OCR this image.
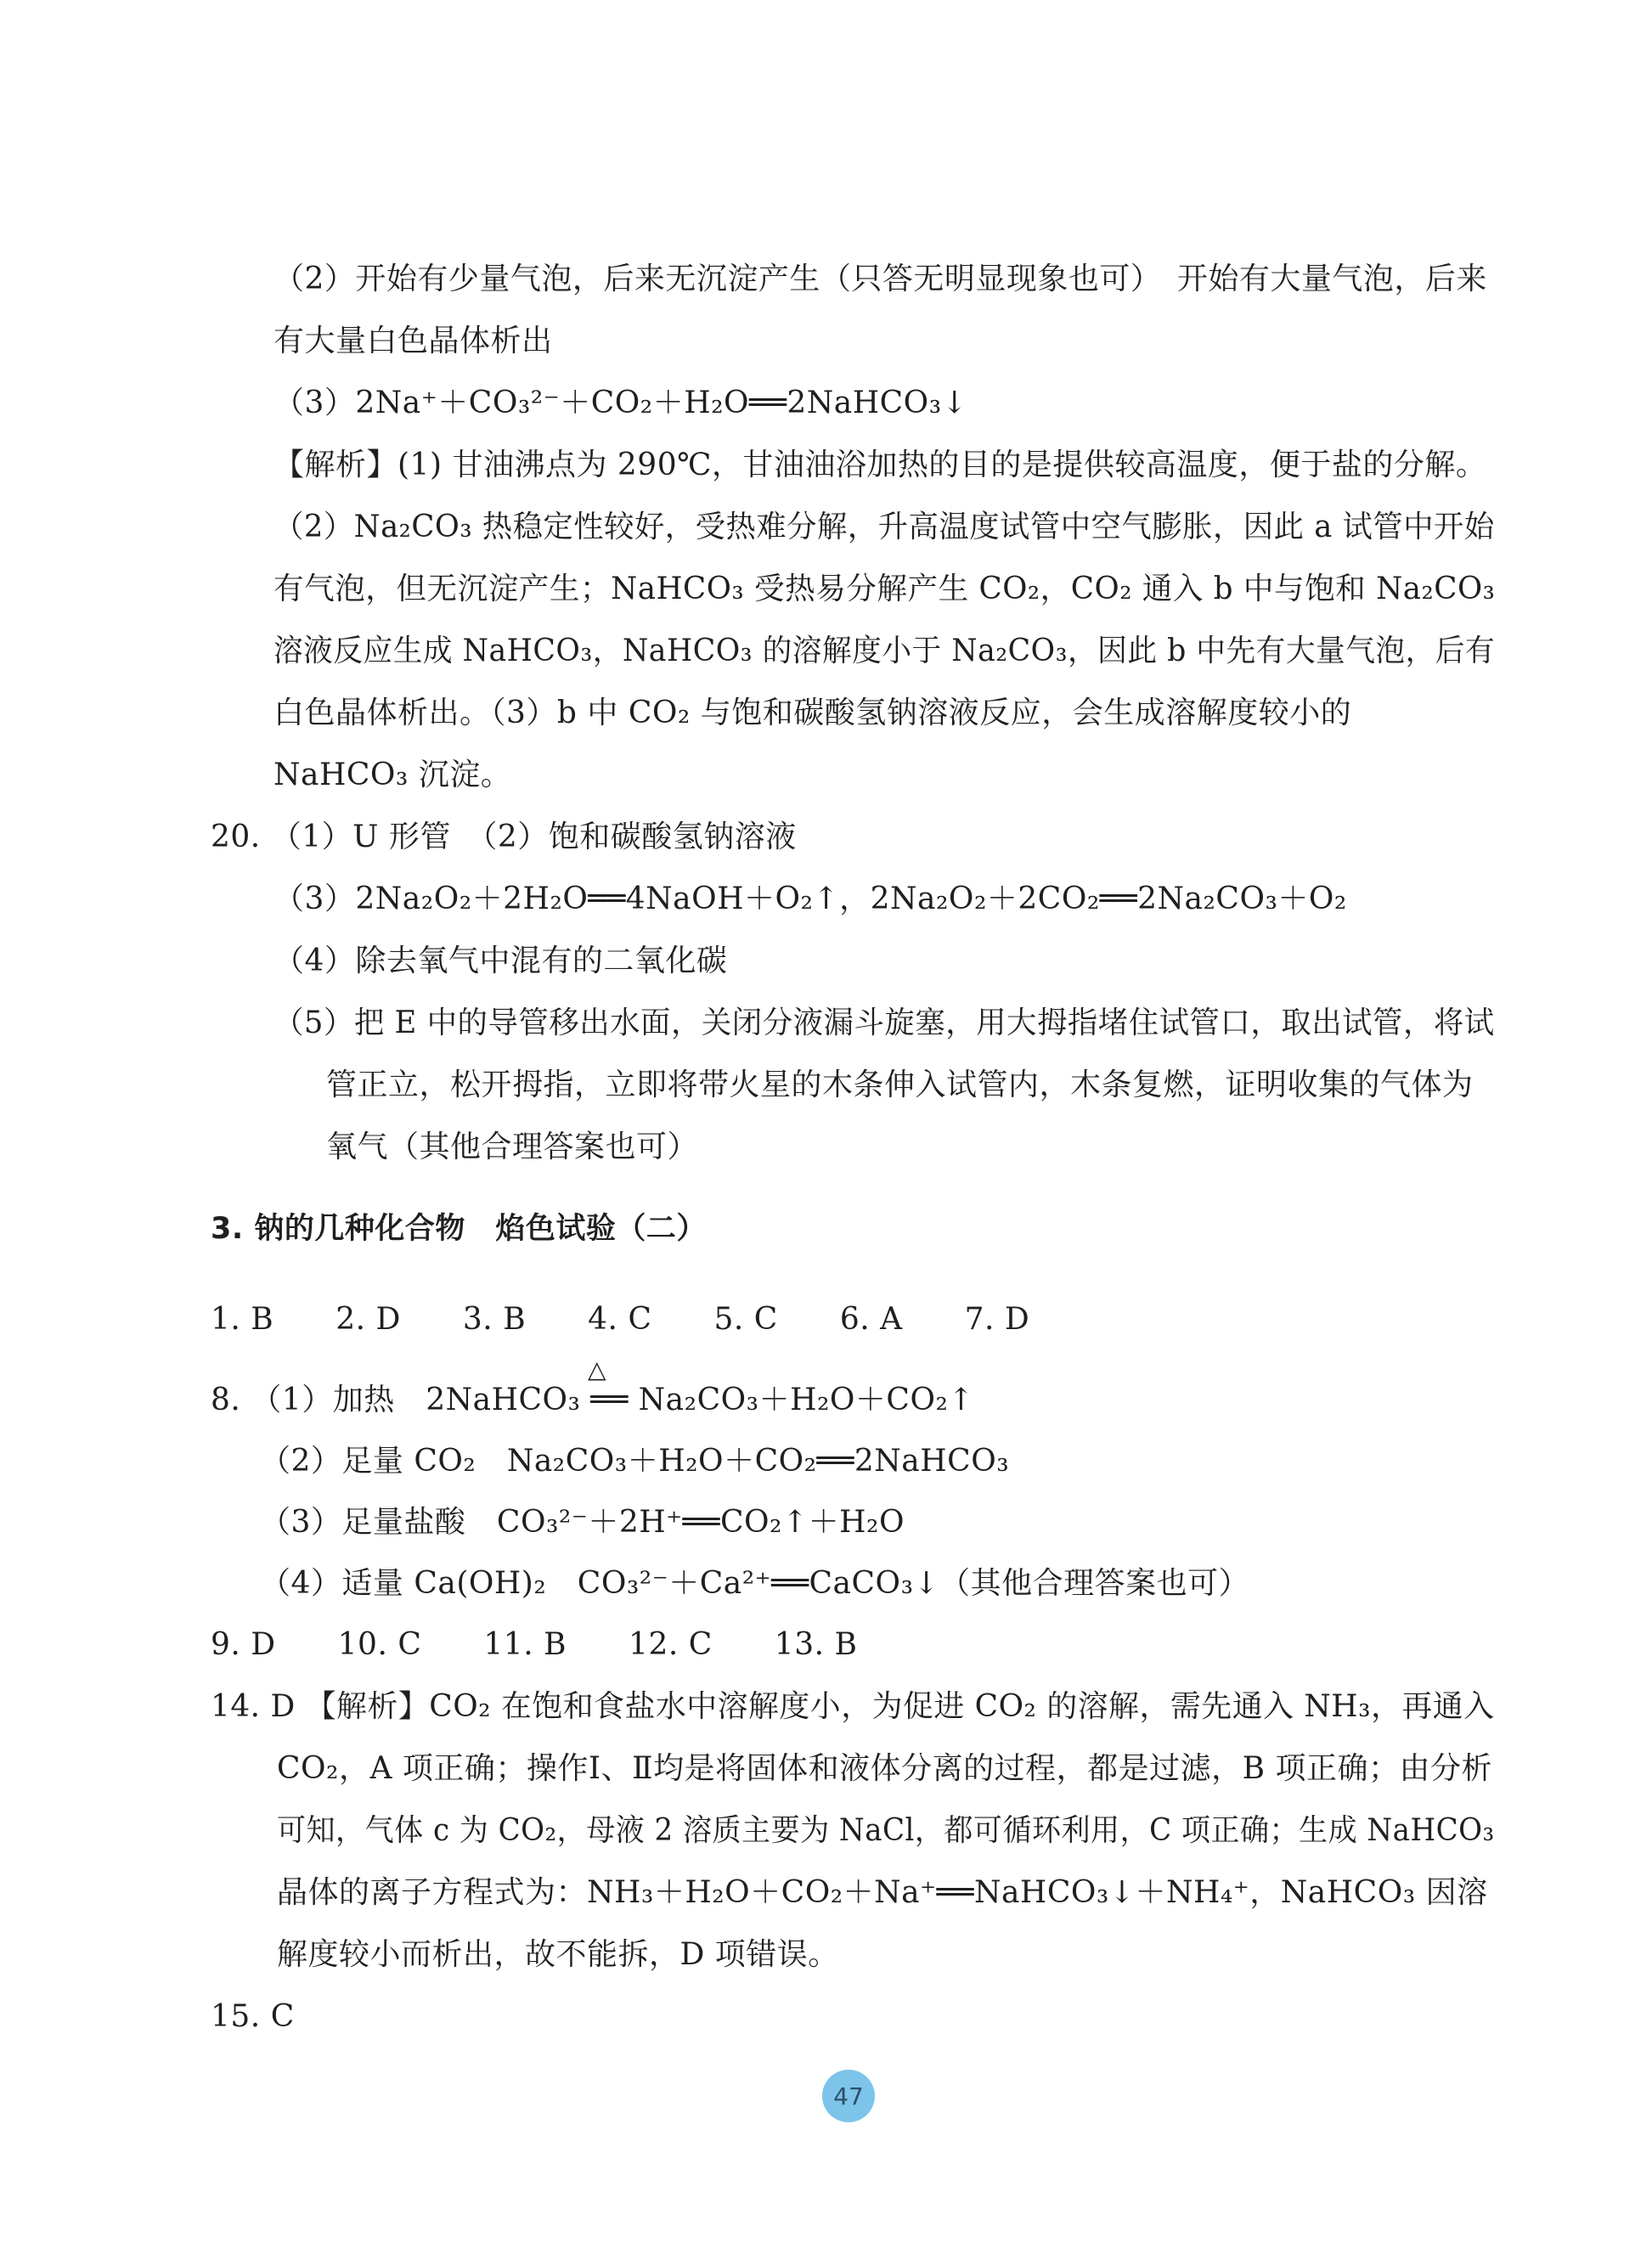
（2）开始有少量气泡，后来无沉淀产生（只答无明显现象也可）　开始有大量气泡，后来
有大量白色晶体析出
（3）2Na⁺＋CO₃²⁻＋CO₂＋H₂O══2NaHCO₃↓
【解析】(1) 甘油沸点为 290℃，甘油油浴加热的目的是提供较高温度，便于盐的分解。
（2）Na₂CO₃ 热稳定性较好，受热难分解，升高温度试管中空气膨胀，因此 a 试管中开始
有气泡，但无沉淀产生；NaHCO₃ 受热易分解产生 CO₂，CO₂ 通入 b 中与饱和 Na₂CO₃
溶液反应生成 NaHCO₃，NaHCO₃ 的溶解度小于 Na₂CO₃，因此 b 中先有大量气泡，后有
白色晶体析出。（3）b 中 CO₂ 与饱和碳酸氢钠溶液反应，会生成溶解度较小的
NaHCO₃ 沉淀。
20. （1）U 形管　（2）饱和碳酸氢钠溶液
（3）2Na₂O₂＋2H₂O══4NaOH＋O₂↑，2Na₂O₂＋2CO₂══2Na₂CO₃＋O₂
（4）除去氧气中混有的二氧化碳
（5）把 E 中的导管移出水面，关闭分液漏斗旋塞，用大拇指堵住试管口，取出试管，将试
管正立，松开拇指，立即将带火星的木条伸入试管内，木条复燃，证明收集的气体为
氧气（其他合理答案也可）
3. 钠的几种化合物　焰色试验（二）
1. B　　2. D　　3. B　　4. C　　5. C　　6. A　　7. D
△
8. （1）加热　2NaHCO₃ ══ Na₂CO₃＋H₂O＋CO₂↑
（2）足量 CO₂　Na₂CO₃＋H₂O＋CO₂══2NaHCO₃
（3）足量盐酸　CO₃²⁻＋2H⁺══CO₂↑＋H₂O
（4）适量 Ca(OH)₂　CO₃²⁻＋Ca²⁺══CaCO₃↓（其他合理答案也可）
9. D　　10. C　　11. B　　12. C　　13. B
14. D 【解析】CO₂ 在饱和食盐水中溶解度小，为促进 CO₂ 的溶解，需先通入 NH₃，再通入
CO₂，A 项正确；操作Ⅰ、Ⅱ均是将固体和液体分离的过程，都是过滤，B 项正确；由分析
可知，气体 c 为 CO₂，母液 2 溶质主要为 NaCl，都可循环利用，C 项正确；生成 NaHCO₃
晶体的离子方程式为：NH₃＋H₂O＋CO₂＋Na⁺══NaHCO₃↓＋NH₄⁺，NaHCO₃ 因溶
解度较小而析出，故不能拆，D 项错误。
15. C
47
